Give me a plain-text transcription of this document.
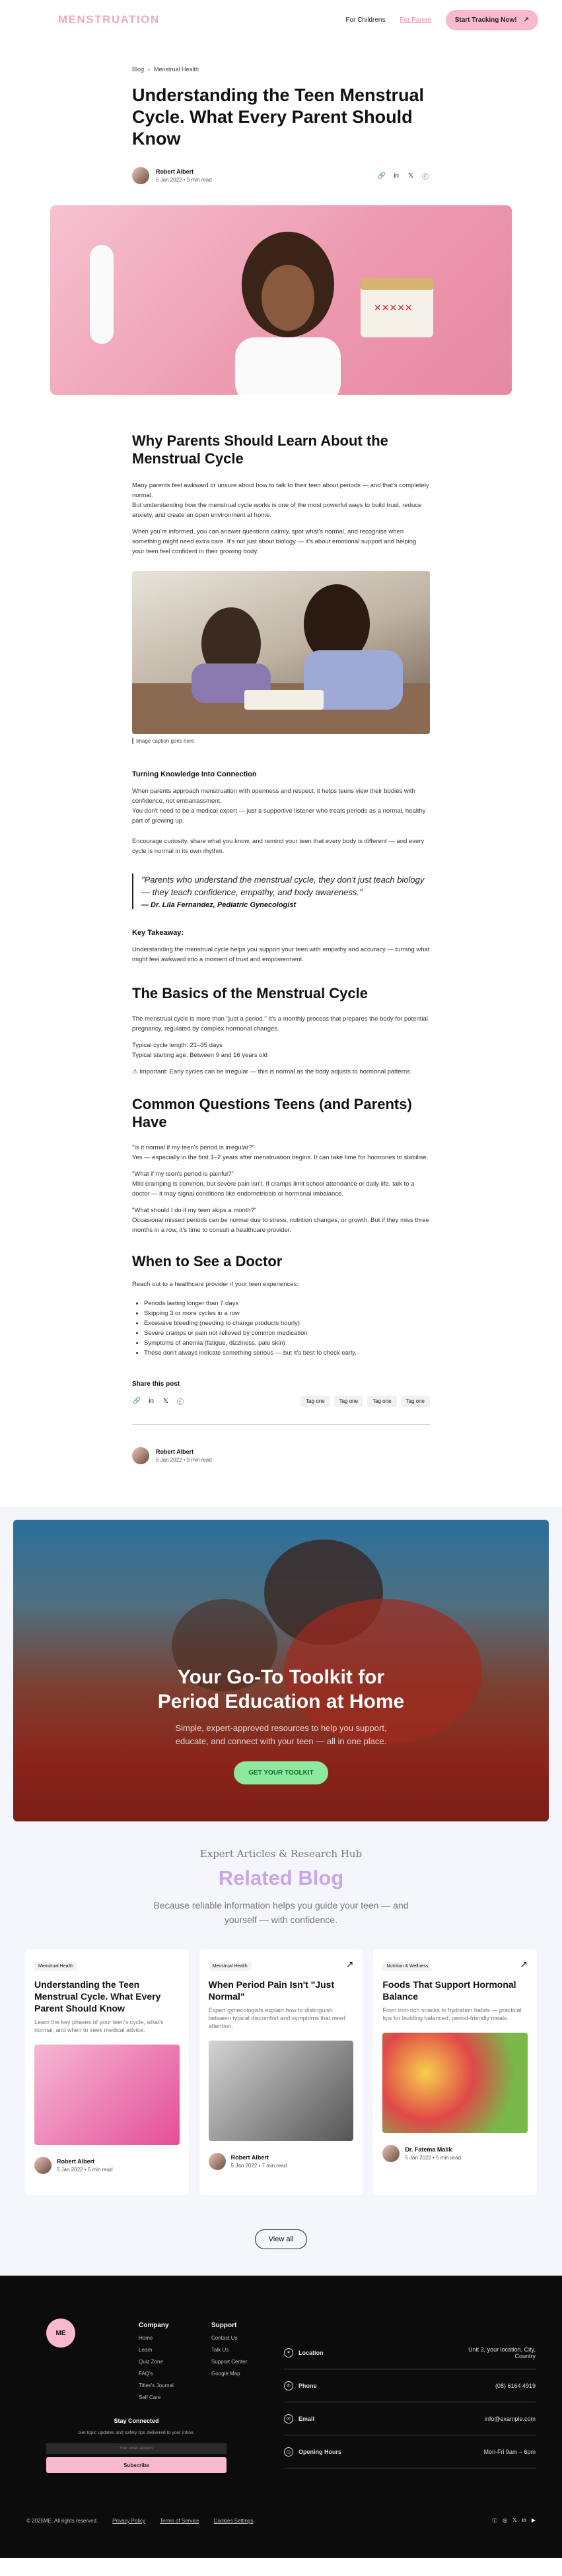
MENSTRUATION	For Childrens For Parent	Start Tracking Now! ↗
Blog › Menstrual Health
Understanding the Teen Menstrual Cycle. What Every Parent Should Know
Robert Albert
5 Jan 2022 • 5 min read
🔗	in	𝕏 ⓕ
✕✕✕✕✕
Why Parents Should Learn About the Menstrual Cycle

Many parents feel awkward or unsure about how to talk to their teen about periods — and that's completely normal.

But understanding how the menstrual cycle works is one of the most powerful ways to build trust, reduce anxiety, and create an open environment at home.

When you're informed, you can answer questions calmly, spot what's normal, and recognise when something might need extra care. It's not just about biology — it's about emotional support and helping your teen feel confident in their growing body.

Image caption goes here
Turning Knowledge Into Connection

When parents approach menstruation with openness and respect, it helps teens view their bodies with confidence, not embarrassment.

You don't need to be a medical expert — just a supportive listener who treats periods as a normal, healthy part of growing up.

Encourage curiosity, share what you know, and remind your teen that every body is different — and every cycle is normal in its own rhythm.

"Parents who understand the menstrual cycle, they don't just teach biology — they teach confidence, empathy, and body awareness."
— Dr. Lila Fernandez, Pediatric Gynecologist
Key Takeaway:

Understanding the menstrual cycle helps you support your teen with empathy and accuracy — turning what might feel awkward into a moment of trust and empowerment.

The Basics of the Menstrual Cycle

The menstrual cycle is more than "just a period." It's a monthly process that prepares the body for potential pregnancy, regulated by complex hormonal changes.

Typical cycle length: 21–35 days

Typical starting age: Between 9 and 16 years old

⚠ Important: Early cycles can be irregular — this is normal as the body adjusts to hormonal patterns.

Common Questions Teens (and Parents) Have

"Is it normal if my teen's period is irregular?"

Yes — especially in the first 1–2 years after menstruation begins. It can take time for hormones to stabilise.

"What if my teen's period is painful?"

Mild cramping is common, but severe pain isn't. If cramps limit school attendance or daily life, talk to a doctor — it may signal conditions like endometriosis or hormonal imbalance.

"What should I do if my teen skips a month?"

Occasional missed periods can be normal due to stress, nutrition changes, or growth. But if they miss three months in a row, it's time to consult a healthcare provider.

When to See a Doctor

Reach out to a healthcare provider if your teen experiences:

• Periods lasting longer than 7 days
• Skipping 3 or more cycles in a row
• Excessive bleeding (needing to change products hourly)
• Severe cramps or pain not relieved by common medication
• Symptoms of anemia (fatigue, dizziness, pale skin)
• These don't always indicate something serious — but it's best to check early.
Share this post
🔗	in	𝕏 ⓕ	Tag one	Tag one	Tag one	Tag one
Robert Albert
5 Jan 2022 • 5 min read
Your Go-To Toolkit for
Period Education at Home
Simple, expert-approved resources to help you support,
educate, and connect with your teen — all in one place.
GET YOUR TOOLKIT
Expert Articles & Research Hub
Related Blog
Because reliable information helps you guide your teen — and
yourself — with confidence.
Menstrual Health
Understanding the Teen Menstrual Cycle. What Every Parent Should Know
Learn the key phases of your teen's cycle, what's normal, and when to seek medical advice.
Robert Albert
5 Jan 2022 • 5 min read
↗
Menstrual Health
When Period Pain Isn't "Just Normal"
Expert gynecologists explain how to distinguish between typical discomfort and symptoms that need attention.
Robert Albert
5 Jan 2022 • 7 min read
↗
Nutrition & Wellness
Foods That Support Hormonal Balance
From iron-rich snacks to hydration habits — practical tips for building balanced, period-friendly meals.
Dr. Fatema Malik
5 Jan 2022 • 5 min read
View all
ME
Company
Home
Learn
Quiz Zone
FAQ's
Titles's Journal
Self Care
Support
Contact Us
Talk Us
Support Center
Google Map
⌖	Location	Unit 3, your location, City, Country
✆	Phone	(08) 6164 4919
✉	Email	info@example.com
◷	Opening Hours	Mon-Fri 9am – 6pm
Stay Connected
Get topic updates and safety tips delivered to your inbox.
Your email address
Subscribe
© 2025ME. All rights reserved.	Privacy Policy	Terms of Service	Cookies Settings	ⓕ ◎ 𝕏 in ▶
